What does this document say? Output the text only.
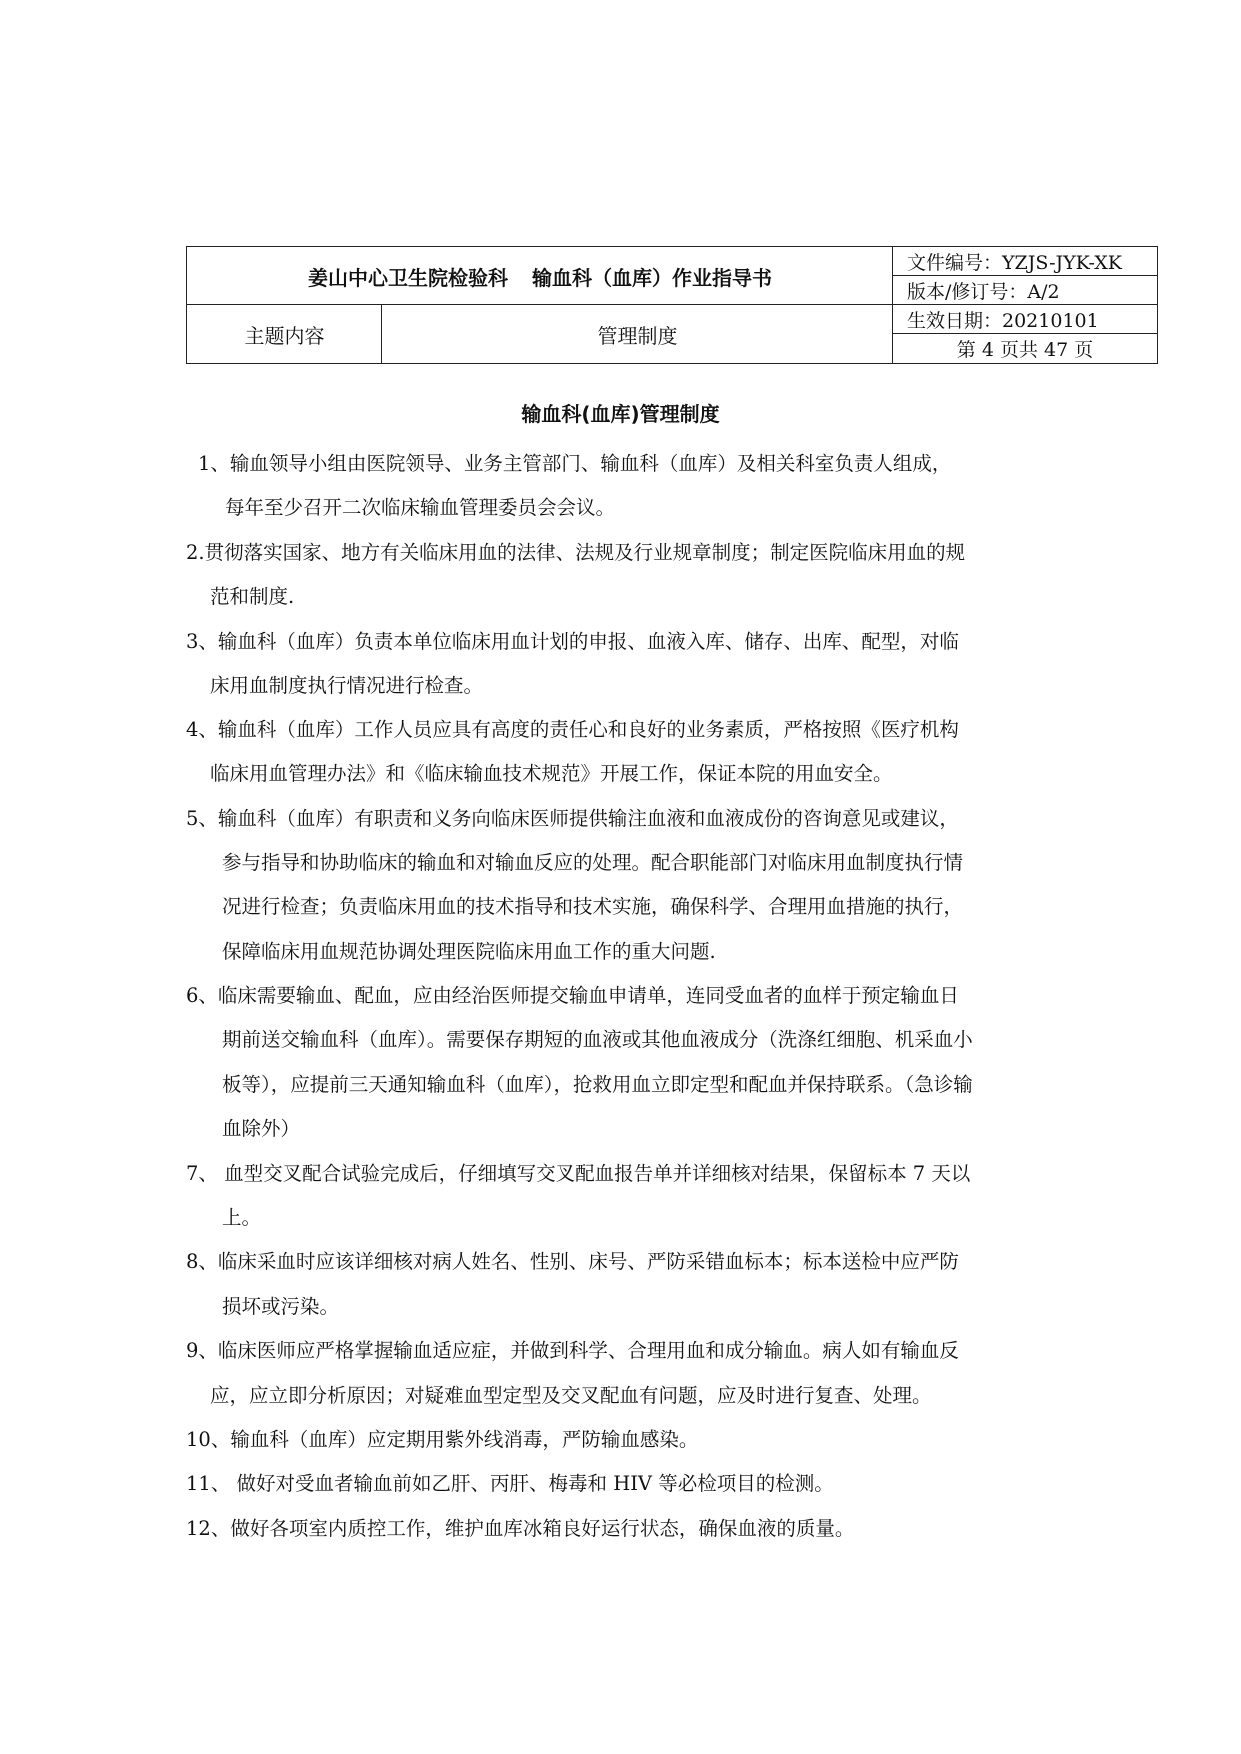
姜山中心卫生院检验科 输血科（血库）作业指导书
主题内容	管理制度
文件编号：YZJS-JYK-XK
版本/修订号：A/2
生效日期：20210101
第 4 页共 47 页
输血科(血库)管理制度
1、输血领导小组由医院领导、业务主管部门、输血科（血库）及相关科室负责人组成，
每年至少召开二次临床输血管理委员会会议。
2.贯彻落实国家、地方有关临床用血的法律、法规及行业规章制度；制定医院临床用血的规
范和制度.
3、输血科（血库）负责本单位临床用血计划的申报、血液入库、储存、出库、配型，对临
床用血制度执行情况进行检查。
4、输血科（血库）工作人员应具有高度的责任心和良好的业务素质，严格按照《医疗机构
临床用血管理办法》和《临床输血技术规范》开展工作，保证本院的用血安全。
5、输血科（血库）有职责和义务向临床医师提供输注血液和血液成份的咨询意见或建议，
参与指导和协助临床的输血和对输血反应的处理。配合职能部门对临床用血制度执行情
况进行检查；负责临床用血的技术指导和技术实施，确保科学、合理用血措施的执行，
保障临床用血规范协调处理医院临床用血工作的重大问题.
6、临床需要输血、配血，应由经治医师提交输血申请单，连同受血者的血样于预定输血日
期前送交输血科（血库）。需要保存期短的血液或其他血液成分（洗涤红细胞、机采血小
板等），应提前三天通知输血科（血库），抢救用血立即定型和配血并保持联系。（急诊输
血除外）
7、 血型交叉配合试验完成后，仔细填写交叉配血报告单并详细核对结果，保留标本 7 天以
上。
8、临床采血时应该详细核对病人姓名、性别、床号、严防采错血标本；标本送检中应严防
损坏或污染。
9、临床医师应严格掌握输血适应症，并做到科学、合理用血和成分输血。病人如有输血反
应，应立即分析原因；对疑难血型定型及交叉配血有问题，应及时进行复查、处理。
10、输血科（血库）应定期用紫外线消毒，严防输血感染。
11、 做好对受血者输血前如乙肝、丙肝、梅毒和 HIV 等必检项目的检测。
12、做好各项室内质控工作，维护血库冰箱良好运行状态，确保血液的质量。
